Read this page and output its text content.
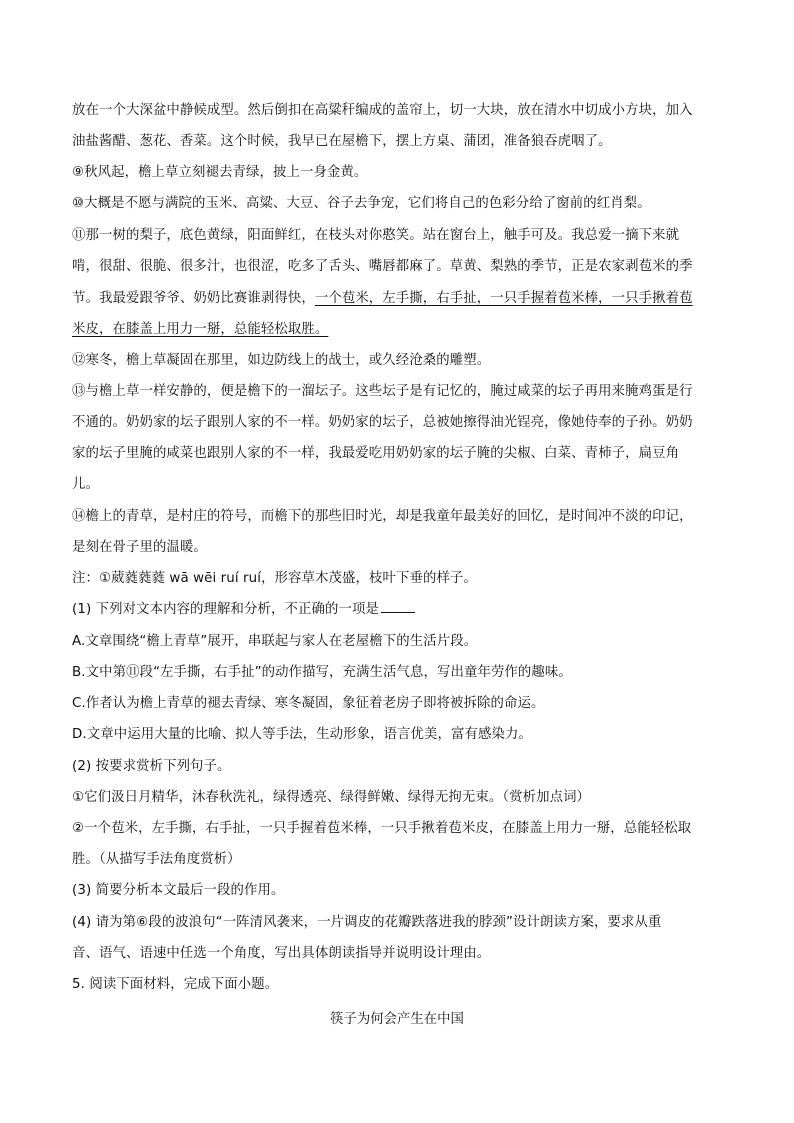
放在一个大深盆中静候成型。然后倒扣在高粱秆编成的盖帘上，切一大块，放在清水中切成小方块，加入
油盐酱醋、葱花、香菜。这个时候，我早已在屋檐下，摆上方桌、蒲团，准备狼吞虎咽了。
⑨秋风起，檐上草立刻褪去青绿，披上一身金黄。
⑩大概是不愿与满院的玉米、高粱、大豆、谷子去争宠，它们将自己的色彩分给了窗前的红肖梨。
⑪那一树的梨子，底色黄绿，阳面鲜红，在枝头对你憨笑。站在窗台上，触手可及。我总爱一摘下来就
啃，很甜、很脆、很多汁，也很涩，吃多了舌头、嘴唇都麻了。草黄、梨熟的季节，正是农家剥苞米的季
节。我最爱跟爷爷、奶奶比赛谁剥得快，一个苞米，左手撕，右手扯，一只手握着苞米棒，一只手揪着苞
米皮，在膝盖上用力一掰，总能轻松取胜。
⑫寒冬，檐上草凝固在那里，如边防线上的战士，或久经沧桑的雕塑。
⑬与檐上草一样安静的，便是檐下的一溜坛子。这些坛子是有记忆的，腌过咸菜的坛子再用来腌鸡蛋是行
不通的。奶奶家的坛子跟别人家的不一样。奶奶家的坛子，总被她擦得油光锃亮，像她侍奉的子孙。奶奶
家的坛子里腌的咸菜也跟别人家的不一样，我最爱吃用奶奶家的坛子腌的尖椒、白菜、青柿子，扁豆角
儿。
⑭檐上的青草，是村庄的符号，而檐下的那些旧时光，却是我童年最美好的回忆，是时间冲不淡的印记，
是刻在骨子里的温暖。
注：①葳蕤蕤蕤 wā wēi ruí ruí，形容草木茂盛，枝叶下垂的样子。
(1) 下列对文本内容的理解和分析，不正确的一项是
A.文章围绕“檐上青草”展开，串联起与家人在老屋檐下的生活片段。
B.文中第⑪段“左手撕，右手扯”的动作描写，充满生活气息，写出童年劳作的趣味。
C.作者认为檐上青草的褪去青绿、寒冬凝固，象征着老房子即将被拆除的命运。
D.文章中运用大量的比喻、拟人等手法，生动形象，语言优美，富有感染力。
(2) 按要求赏析下列句子。
①它们汲日月精华，沐春秋洗礼，绿得透亮、绿得鲜嫩、绿得无拘无束。（赏析加点词）
②一个苞米，左手撕，右手扯，一只手握着苞米棒，一只手揪着苞米皮，在膝盖上用力一掰，总能轻松取
胜。（从描写手法角度赏析）
(3) 简要分析本文最后一段的作用。
(4) 请为第⑥段的波浪句“一阵清风袭来，一片调皮的花瓣跌落进我的脖颈”设计朗读方案，要求从重
音、语气、语速中任选一个角度，写出具体朗读指导并说明设计理由。
5. 阅读下面材料，完成下面小题。
筷子为何会产生在中国
